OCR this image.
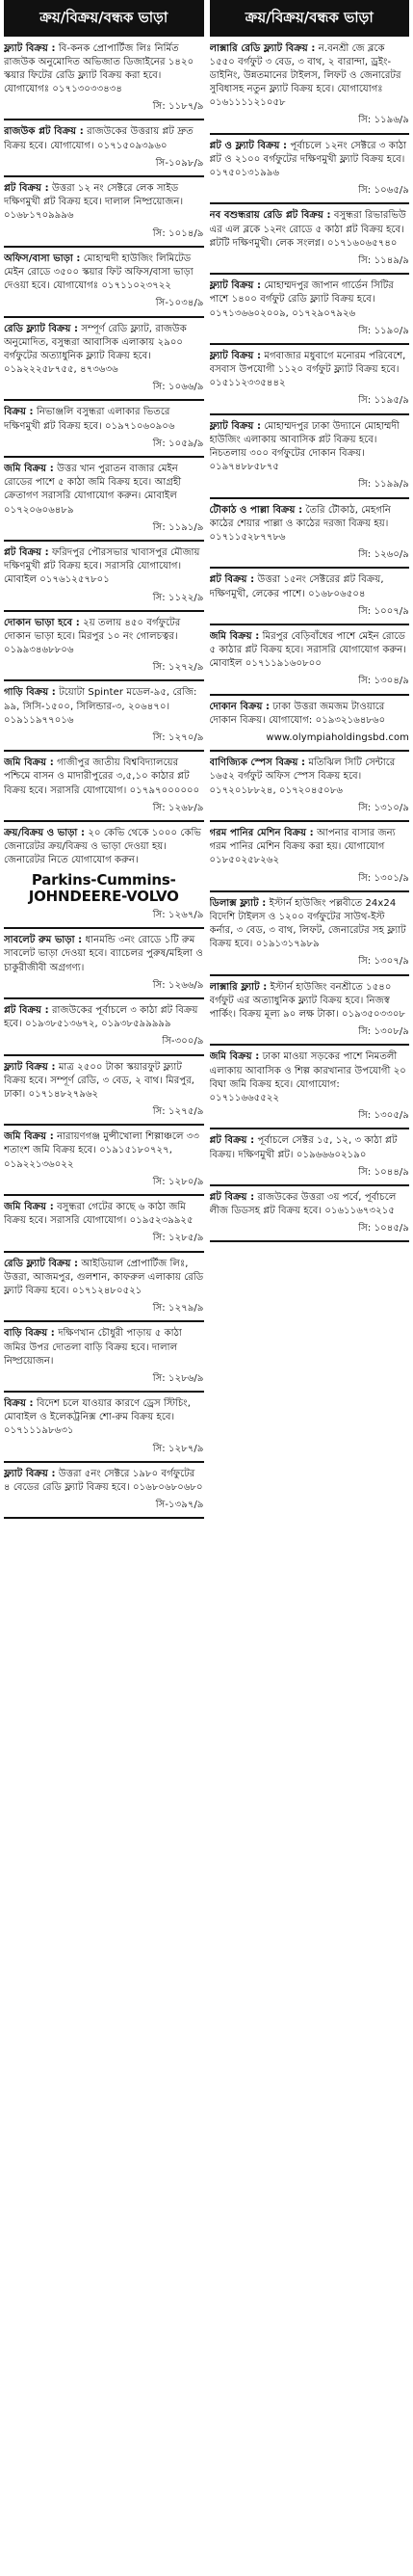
ক্রয়/বিক্রয়/বন্ধক ভাড়া
ফ্ল্যাট বিক্রয় : বি-কনক প্রোপার্টিজ লিঃ নির্মিত রাজউক অনুমোদিত অভিজাত ডিজাইনের ১৪২০ স্কয়ার ফিটের রেডি ফ্ল্যাট বিক্রয় করা হবে। যোগাযোগঃ ০১৭১৩০৩৩৪৩৪
সি: ১১৮৭/৯
রাজউক প্লট বিক্রয় : রাজউকের উত্তরায় প্লট দ্রুত বিক্রয় হবে। যোগাযোগ। ০১৭১৫০৯৩৯৬০
সি-১০৯৮/৯
প্লট বিক্রয় : উত্তরা ১২ নং সেক্টরে লেক সাইড দক্ষিণমুখী প্লট বিক্রয় হবে। দালাল নিষ্প্রয়োজন। ০১৬৮১৭০৯৯৯৬
সি: ১০১৪/৯
অফিস/বাসা ভাড়া : মোহাম্মদী হাউজিং লিমিটেড মেইন রোডে ৩৫০০ স্কয়ার ফিট অফিস/বাসা ভাড়া দেওয়া হবে। যোগাযোগঃ ০১৭১১০২৩৭২২
সি-১০৩৪/৯
রেডি ফ্ল্যাট বিক্রয় : সম্পূর্ণ রেডি ফ্ল্যাট, রাজউক অনুমোদিত, বসুন্ধরা আবাসিক এলাকায় ২৯০০ বর্গফুটের অত্যাধুনিক ফ্ল্যাট বিক্রয় হবে। ০১৯২২২৫৮৭৫৫, ৪৭৩৬৩৬
সি: ১০৬৬/৯
বিক্রয় : নিভাঞ্জলি বসুন্ধরা এলাকার ভিতরে দক্ষিণমুখী প্লট বিক্রয় হবে। ০১৯৭১০৬০৯০৬
সি: ১০৫৯/৯
জমি বিক্রয় : উত্তর খান পুরাতন বাজার মেইন রোডের পাশে ৫ কাঠা জমি বিক্রয় হবে। আগ্রহী ক্রেতাগণ সরাসরি যোগাযোগ করুন। মোবাইল ০১৭২০৬০৬৪৮৯
সি: ১১৯১/৯
প্লট বিক্রয় : ফরিদপুর পৌরসভার খাবাসপুর মৌজায় দক্ষিণমুখী প্লট বিক্রয় হবে। সরাসরি যোগাযোগ। মোবাইল ০১৭৬১২৫৭৮০১
সি: ১১২২/৯
দোকান ভাড়া হবে : ২য় তলায় ৪৫০ বর্গফুটের দোকান ভাড়া হবে। মিরপুর ১০ নং গোলচত্বর। ০১৯৯৩৪৬৮৮০৬
সি: ১২৭২/৯
গাড়ি বিক্রয় : টয়োটা Spinter মডেল-৯৫, রেজি: ৯৯, সিসি-১৫০০, সিলিন্ডার-৩, ২০৬৪৭০। ০১৯১১৯৭৭০১৬
সি: ১২৭০/৯
জমি বিক্রয় : গাজীপুর জাতীয় বিশ্ববিদ্যালয়ের পশ্চিমে বাসন ও মাদারীপুরের ৩,৫,১০ কাঠার প্লট বিক্রয় হবে। সরাসরি যোগাযোগ। ০১৭৯৭০০০০০০
সি: ১২৬৮/৯
ক্রয়/বিক্রয় ও ভাড়া : ২০ কেভি থেকে ১০০০ কেভি জেনারেটর ক্রয়/বিক্রয় ও ভাড়া দেওয়া হয়। জেনারেটর নিতে যোগাযোগ করুন।
Parkins-Cummins-JOHNDEERE-VOLVO
সি: ১২৬৭/৯
সাবলেট রুম ভাড়া : ধানমন্ডি ৩নং রোডে ১টি রুম সাবলেট ভাড়া দেওয়া হবে। ব্যাচেলর পুরুষ/মহিলা ও চাকুরীজীবী অগ্রগণ্য।
সি: ১২৬৬/৯
প্লট বিক্রয় : রাজউকের পূর্বাচলে ৩ কাঠা প্লট বিক্রয় হবে। ০১৯৩৮৫১৩৬৭২, ০১৯৩৮৫৯৯৯৯৯
সি-৩০০/৯
ফ্ল্যাট বিক্রয় : মাত্র ২৫০০ টাকা স্কয়ারফুট ফ্ল্যাট বিক্রয় হবে। সম্পূর্ণ রেডি, ৩ বেড, ২ বাথ। মিরপুর, ঢাকা। ০১৭১৪৮২৭৯৬২
সি: ১২৭৫/৯
জমি বিক্রয় : নারায়ণগঞ্জ মুন্সীখোলা শিল্পাঞ্চলে ৩৩ শতাংশ জমি বিক্রয় হবে। ০১৯১৫১৮০৭২৭, ০১৯২২১৩৬০২২
সি: ১২৮০/৯
জমি বিক্রয় : বসুন্ধরা গেটের কাছে ৬ কাঠা জমি বিক্রয় হবে। সরাসরি যোগাযোগ। ০১৯৫২৩৯৯২৫
সি: ১২৮৫/৯
রেডি ফ্ল্যাট বিক্রয় : আইডিয়াল প্রোপার্টিজ লিঃ, উত্তরা, আজমপুর, গুলশান, কাফরুল এলাকায় রেডি ফ্ল্যাট বিক্রয় হবে। ০১৭১২৪৮০৫২১
সি: ১২৭৯/৯
বাড়ি বিক্রয় : দক্ষিণখান চৌধুরী পাড়ায় ৫ কাঠা জমির উপর দোতলা বাড়ি বিক্রয় হবে। দালাল নিষ্প্রয়োজন।
সি: ১২৮৬/৯
বিক্রয় : বিদেশ চলে যাওয়ার কারণে ড্রেস স্টিচিং, মোবাইল ও ইলেকট্রনিক্স শো-রুম বিক্রয় হবে। ০১৭১১১৯৮৬৩১
সি: ১২৮৭/৯
ফ্ল্যাট বিক্রয় : উত্তরা ৫নং সেক্টরে ১৯৮০ বর্গফুটের ৪ বেডের রেডি ফ্ল্যাট বিক্রয় হবে। ০১৬৮০৬৮০৬৮০
সি-১৩৯৭/৯
ক্রয়/বিক্রয়/বন্ধক ভাড়া
লাক্সারি রেডি ফ্ল্যাট বিক্রয় : ন.বনশ্রী জে ব্লকে ১৫৫০ বর্গফুট ৩ বেড, ৩ বাথ, ২ বারান্দা, ড্রইং-ডাইনিং, উন্নতমানের টাইলস, লিফট ও জেনারেটর সুবিধাসহ নতুন ফ্ল্যাট বিক্রয় হবে। যোগাযোগঃ ০১৬১১১১২১০৫৮
সি: ১১৯৬/৯
প্লট ও ফ্ল্যাট বিক্রয় : পূর্বাচলে ১২নং সেক্টরে ৩ কাঠা প্লট ও ২১০০ বর্গফুটের দক্ষিণমুখী ফ্ল্যাট বিক্রয় হবে। ০১৭৫০১৩১৯৯৬
সি: ১০৬৫/৯
নব বশুন্ধরায় রেডি প্লট বিক্রয় : বসুন্ধরা রিভারভিউ এর এল ব্লকে ১২নং রোডে ৫ কাঠা প্লট বিক্রয় হবে। প্লটটি দক্ষিণমুখী। লেক সংলগ্ন। ০১৭১৬০৬৫৭৪০
সি: ১১৪৯/৯
ফ্ল্যাট বিক্রয় : মোহাম্মদপুর জাপান গার্ডেন সিটির পাশে ১৪০০ বর্গফুট রেডি ফ্ল্যাট বিক্রয় হবে। ০১৭১৩৬৬০২০০৯, ০১৭২৯০৭৯২৬
সি: ১১৯০/৯
ফ্ল্যাট বিক্রয় : মগবাজার মধুবাগে মনোরম পরিবেশে, বসবাস উপযোগী ১১২০ বর্গফুট ফ্ল্যাট বিক্রয় হবে। ০১৫১১২৩৩৫৪৪২
সি: ১১৯৫/৯
ফ্ল্যাট বিক্রয় : মোহাম্মদপুর ঢাকা উদ্যানে মোহাম্মদী হাউজিং এলাকায় আবাসিক প্লট বিক্রয় হবে। নিচতলায় ৩০০ বর্গফুটের দোকান বিক্রয়। ০১৯৭৪৮৮৫৮৭৫
সি: ১১৯৯/৯
টৌকাঠ ও পাল্লা বিক্রয় : তৈরি টৌকাঠ, মেহগনি কাঠের শেয়ার পাল্লা ও কাঠের দরজা বিক্রয় হয়। ০১৭১১৫২৮৭৭৮৬
সি: ১২৬০/৯
প্লট বিক্রয় : উত্তরা ১৫নং সেক্টরের প্লট বিক্রয়, দক্ষিণমুখী, লেকের পাশে। ০১৬৮০৬৫০৪
সি: ১০০৭/৯
জমি বিক্রয় : মিরপুর বেড়িবাঁধের পাশে মেইন রোডে ৫ কাঠার প্লট বিক্রয় হবে। সরাসরি যোগাযোগ করুন। মোবাইল ০১৭১১৯১৬০৮০০
সি: ১৩০৪/৯
দোকান বিক্রয় : ঢাকা উত্তরা জমজম টাওয়ারে দোকান বিক্রয়। যোগাযোগ: ০১৯৩২১৬৪৮৬০
www.olympiaholdingsbd.com
বাণিজ্যিক স্পেস বিক্রয় : মতিঝিল সিটি সেন্টারে ১৬৫২ বর্গফুট অফিস স্পেস বিক্রয় হবে। ০১৭২০১৮৮২৪, ০১৭২০৪৫০৮৬
সি: ১৩১০/৯
গরম পানির মেশিন বিক্রয় : আপনার বাসার জন্য গরম পানির মেশিন বিক্রয় করা হয়। যোগাযোগ ০১৮৫০২৫৮২৬২
সি: ১৩০১/৯
ডিলাক্স ফ্ল্যাট : ইস্টার্ন হাউজিং পল্লবীতে 24x24 বিদেশি টাইলস ও ১২০০ বর্গফুটের সাউথ-ইস্ট কর্নার, ৩ বেড, ৩ বাথ, লিফট, জেনারেটর সহ ফ্ল্যাট বিক্রয় হবে। ০১৯১৩১৭৯৮৯
সি: ১৩০৭/৯
লাক্সারি ফ্ল্যাট : ইস্টার্ন হাউজিং বনশ্রীতে ১৫৪০ বর্গফুট এর অত্যাধুনিক ফ্ল্যাট বিক্রয় হবে। নিজস্ব পার্কিং। বিক্রয় মূল্য ৯০ লক্ষ টাকা। ০১৯৩৫০৩৩০৮
সি: ১৩০৮/৯
জমি বিক্রয় : ঢাকা মাওয়া সড়কের পাশে নিমতলী এলাকায় আবাসিক ও শিল্প কারখানার উপযোগী ২০ বিঘা জমি বিক্রয় হবে। যোগাযোগ: ০১৭১১৬৬৫৫২২
সি: ১৩০৫/৯
প্লট বিক্রয় : পূর্বাচলে সেক্টর ১৫, ১২, ৩ কাঠা প্লট বিক্রয়। দক্ষিণমুখী প্লট। ০১৯৬৬৬০২১৯০
সি: ১০৪৪/৯
প্লট বিক্রয় : রাজউকের উত্তরা ৩য় পর্বে, পূর্বাচলে লীজ ডিডসহ প্লট বিক্রয় হবে। ০১৬১১৬৭৩২১৫
সি: ১০৪৫/৯
